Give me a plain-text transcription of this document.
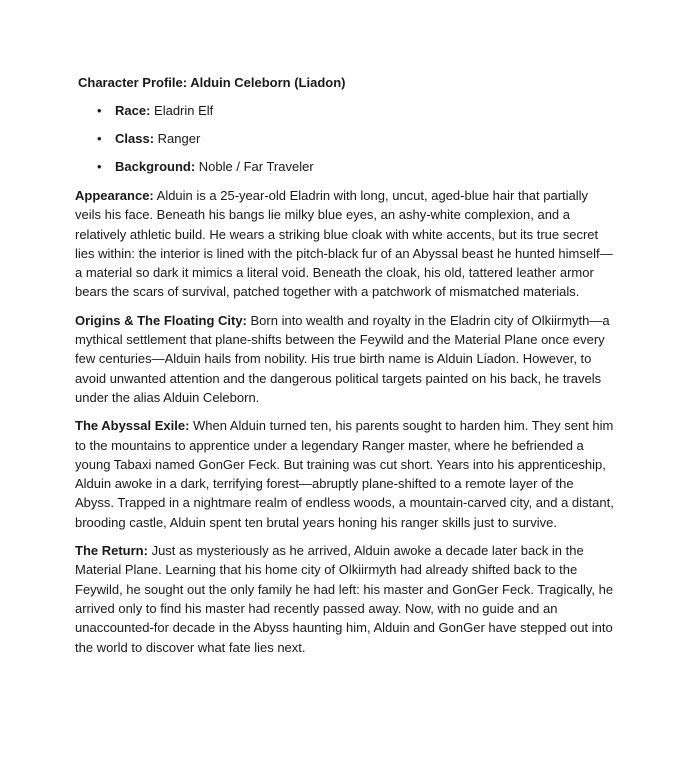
Character Profile: Alduin Celeborn (Liadon)
• Race: Eladrin Elf
• Class: Ranger
• Background: Noble / Far Traveler

Appearance: Alduin is a 25-year-old Eladrin with long, uncut, aged-blue hair that partially veils his face. Beneath his bangs lie milky blue eyes, an ashy-white complexion, and a relatively athletic build. He wears a striking blue cloak with white accents, but its true secret lies within: the interior is lined with the pitch-black fur of an Abyssal beast he hunted himself—a material so dark it mimics a literal void. Beneath the cloak, his old, tattered leather armor bears the scars of survival, patched together with a patchwork of mismatched materials.

Origins & The Floating City: Born into wealth and royalty in the Eladrin city of Olkiirmyth—a mythical settlement that plane-shifts between the Feywild and the Material Plane once every few centuries—Alduin hails from nobility. His true birth name is Alduin Liadon. However, to avoid unwanted attention and the dangerous political targets painted on his back, he travels under the alias Alduin Celeborn.

The Abyssal Exile: When Alduin turned ten, his parents sought to harden him. They sent him to the mountains to apprentice under a legendary Ranger master, where he befriended a young Tabaxi named GonGer Feck. But training was cut short. Years into his apprenticeship, Alduin awoke in a dark, terrifying forest—abruptly plane-shifted to a remote layer of the Abyss. Trapped in a nightmare realm of endless woods, a mountain-carved city, and a distant, brooding castle, Alduin spent ten brutal years honing his ranger skills just to survive.

The Return: Just as mysteriously as he arrived, Alduin awoke a decade later back in the Material Plane. Learning that his home city of Olkiirmyth had already shifted back to the Feywild, he sought out the only family he had left: his master and GonGer Feck. Tragically, he arrived only to find his master had recently passed away. Now, with no guide and an unaccounted-for decade in the Abyss haunting him, Alduin and GonGer have stepped out into the world to discover what fate lies next.
